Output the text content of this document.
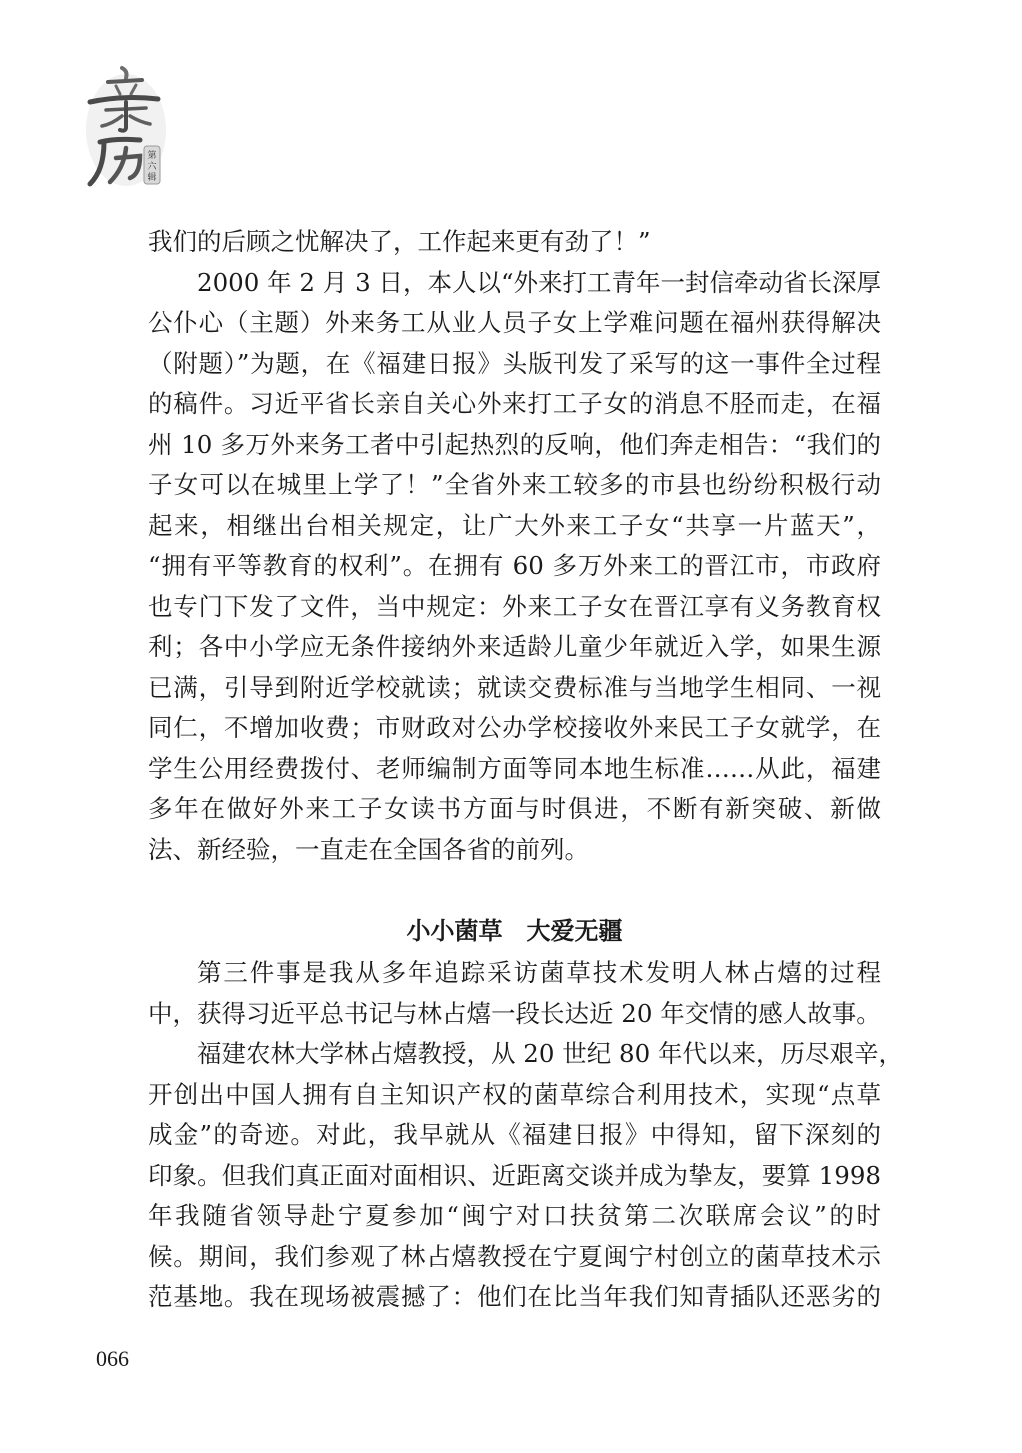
第
六
辑
我们的后顾之忧解决了，工作起来更有劲了！”
2000 年 2 月 3 日，本人以“外来打工青年一封信牵动省长深厚
公仆心（主题）外来务工从业人员子女上学难问题在福州获得解决
（附题）”为题，在《福建日报》头版刊发了采写的这一事件全过程
的稿件。习近平省长亲自关心外来打工子女的消息不胫而走，在福
州 10 多万外来务工者中引起热烈的反响，他们奔走相告：“我们的
子女可以在城里上学了！”全省外来工较多的市县也纷纷积极行动
起来，相继出台相关规定，让广大外来工子女“共享一片蓝天”，
“拥有平等教育的权利”。在拥有 60 多万外来工的晋江市，市政府
也专门下发了文件，当中规定：外来工子女在晋江享有义务教育权
利；各中小学应无条件接纳外来适龄儿童少年就近入学，如果生源
已满，引导到附近学校就读；就读交费标准与当地学生相同、一视
同仁，不增加收费；市财政对公办学校接收外来民工子女就学，在
学生公用经费拨付、老师编制方面等同本地生标准……从此，福建
多年在做好外来工子女读书方面与时俱进，不断有新突破、新做
法、新经验，一直走在全国各省的前列。
小小菌草　大爱无疆
第三件事是我从多年追踪采访菌草技术发明人林占熺的过程
中，获得习近平总书记与林占熺一段长达近 20 年交情的感人故事。
福建农林大学林占熺教授，从 20 世纪 80 年代以来，历尽艰辛，
开创出中国人拥有自主知识产权的菌草综合利用技术，实现“点草
成金”的奇迹。对此，我早就从《福建日报》中得知，留下深刻的
印象。但我们真正面对面相识、近距离交谈并成为挚友，要算 1998
年我随省领导赴宁夏参加“闽宁对口扶贫第二次联席会议”的时
候。期间，我们参观了林占熺教授在宁夏闽宁村创立的菌草技术示
范基地。我在现场被震撼了：他们在比当年我们知青插队还恶劣的
066
